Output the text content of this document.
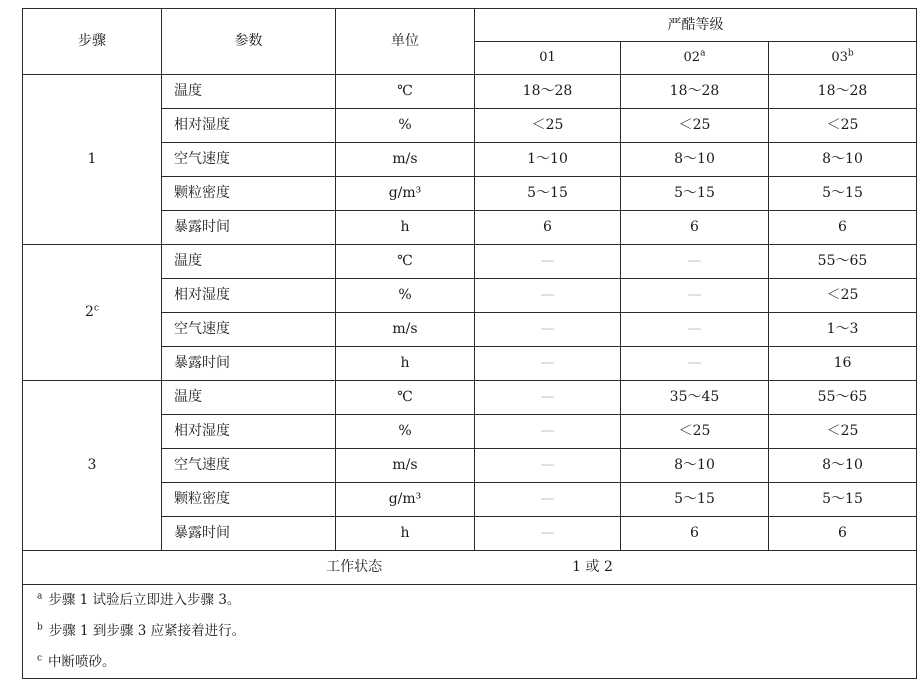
步骤	参数	单位	严酷等级		
			01	02$^a$	03$^b$
1	温度	℃	18～28	18～28	18～28
	相对湿度	%	＜25	＜25	＜25
	空气速度	m/s	1～10	8～10	8～10
	颗粒密度	g/m³	5～15	5～15	5～15
	暴露时间	h	6	6	6
2$^c$	温度	℃	—	—	55～65
	相对湿度	%	—	—	＜25
	空气速度	m/s	—	—	1～3
	暴露时间	h	—	—	16
3	温度	℃	—	35～45	55～65
	相对湿度	%	—	＜25	＜25
	空气速度	m/s	—	8～10	8～10
	颗粒密度	g/m³	—	5～15	5～15
	暴露时间	h	—	6	6
工作状态 1 或 2					
$^a$ 步骤 1 试验后立即进入步骤 3。					
$^b$ 步骤 1 到步骤 3 应紧接着进行。					
$^c$ 中断喷砂。					
